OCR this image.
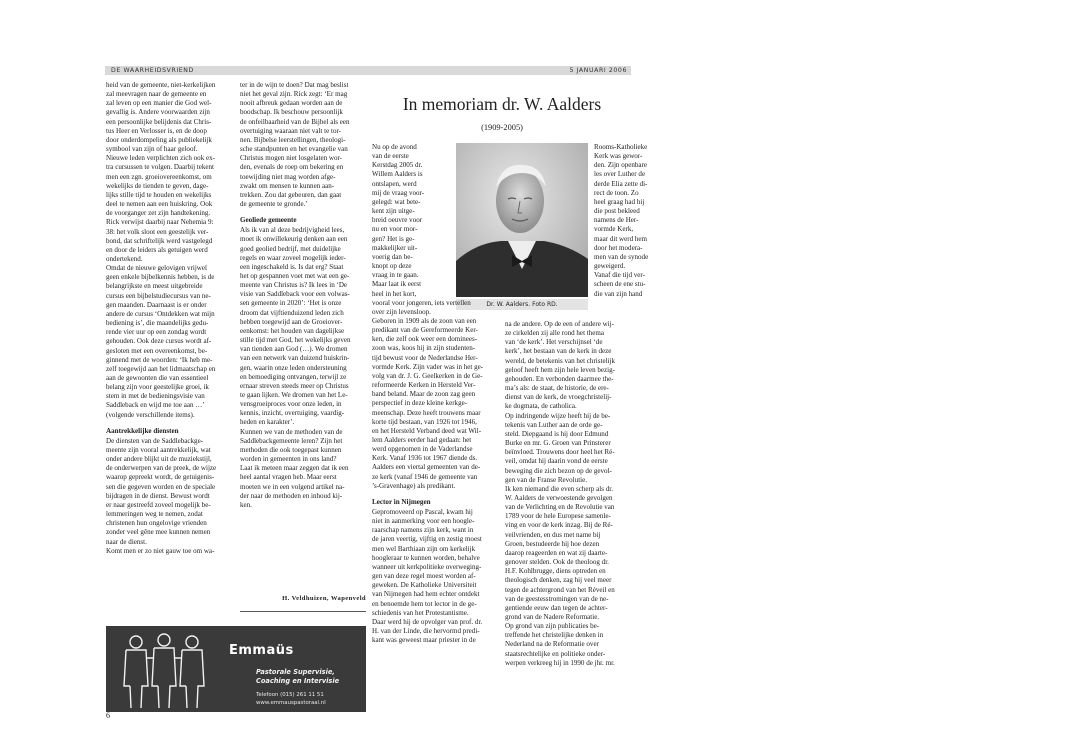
DE WAARHEIDSVRIEND	5 JANUARI 2006

heid van de gemeente, niet-kerkelijken
zal meevragen naar de gemeente en
zal leven op een manier die God wel-
gevallig is. Andere voorwaarden zijn
een persoonlijke belijdenis dat Chris-
tus Heer en Verlosser is, en de doop
door onderdompeling als publiekelijk
symbool van zijn of haar geloof.
Nieuwe leden verplichten zich ook ex-
tra cursussen te volgen. Daarbij tekent
men een zgn. groeiovereenkomst, om
wekelijks de tienden te geven, dage-
lijks stille tijd te houden en wekelijks
deel te nemen aan een huiskring. Ook
de voorganger zet zijn handtekening.
Rick verwijst daarbij naar Nehemia 9:
38: het volk sloot een geestelijk ver-
bond, dat schriftelijk werd vastgelegd
en door de leiders als getuigen werd
ondertekend.
Omdat de nieuwe gelovigen vrijwel
geen enkele bijbelkennis hebben, is de
belangrijkste en meest uitgebreide
cursus een bijbelstudiecursus van ne-
gen maanden. Daarnaast is er onder
andere de cursus ‘Ontdekken wat mijn
bediening is’, die maandelijks gedu-
rende vier uur op een zondag wordt
gehouden. Ook deze cursus wordt af-
gesloten met een overeenkomst, be-
ginnend met de woorden: ‘Ik heb me-
zelf toegewijd aan het lidmaatschap en
aan de gewoonten die van essentieel
belang zijn voor geestelijke groei, ik
stem in met de bedieningsvisie van
Saddleback en wijd me toe aan …’
(volgende verschillende items).

Aantrekkelijke diensten

De diensten van de Saddlebackge-
meente zijn vooral aantrekkelijk, wat
onder andere blijkt uit de muziekstijl,
de onderwerpen van de preek, de wijze
waarop gepreekt wordt, de getuigenis-
sen die gegeven worden en de speciale
bijdragen in de dienst. Bewust wordt
er naar gestreefd zoveel mogelijk be-
lemmeringen weg te nemen, zodat
christenen hun ongelovige vrienden
zonder veel gêne mee kunnen nemen
naar de dienst.
Komt men er zo niet gauw toe om wa-

ter in de wijn te doen? Dat mag beslist
niet het geval zijn. Rick zegt: ‘Er mag
nooit afbreuk gedaan worden aan de
boodschap. Ik beschouw persoonlijk
de onfeilbaarheid van de Bijbel als een
overtuiging waaraan niet valt te tor-
nen. Bijbelse leerstellingen, theologi-
sche standpunten en het evangelie van
Christus mogen niet losgelaten wor-
den, evenals de roep om bekering en
toewijding niet mag worden afge-
zwakt om mensen te kunnen aan-
trekken. Zou dat gebeuren, dan gaat
de gemeente te gronde.’

Geoliede gemeente

Als ik van al deze bedrijvigheid lees,
moet ik onwillekeurig denken aan een
goed geolied bedrijf, met duidelijke
regels en waar zoveel mogelijk ieder-
een ingeschakeld is. Is dat erg? Staat
het op gespannen voet met wat een ge-
meente van Christus is? Ik lees in ‘De
visie van Saddleback voor een volwas-
sen gemeente in 2020’: ‘Het is onze
droom dat vijftienduizend leden zich
hebben toegewijd aan de Groeiover-
eenkomst: het houden van dagelijkse
stille tijd met God, het wekelijks geven
van tienden aan God (…). We dromen
van een netwerk van duizend huiskrin-
gen, waarin onze leden ondersteuning
en bemoediging ontvangen, terwijl ze
ernaar streven steeds meer op Christus
te gaan lijken. We dromen van het Le-
vensgroeiproces voor onze leden, in
kennis, inzicht, overtuiging, vaardig-
heden en karakter’.
Kunnen we van de methoden van de
Saddlebackgemeente leren? Zijn het
methoden die ook toegepast kunnen
worden in gemeenten in ons land?
Laat ik meteen maar zeggen dat ik een
heel aantal vragen heb. Maar eerst
moeten we in een volgend artikel na-
der naar de methoden en inhoud kij-
ken.

H. Veldhuizen, Wapenveld
In memoriam dr. W. Aalders
(1909-2005)
Dr. W. Aalders. Foto RD.

Nu op de avond
van de eerste
Kerstdag 2005 dr.
Willem Aalders is
ontslapen, werd
mij de vraag voor-
gelegd: wat bete-
kent zijn uitge-
breid oeuvre voor
nu en voor mor-
gen? Het is ge-
makkelijker uit-
voerig dan be-
knopt op deze
vraag in te gaan.
Maar laat ik eerst
heel in het kort,

vooral voor jongeren, iets vertellen
over zijn levensloop.
Geboren in 1909 als de zoon van een
predikant van de Gereformeerde Ker-
ken, die zelf ook weer een dominees-
zoon was, koos hij in zijn studenten-
tijd bewust voor de Nederlandse Her-
vormde Kerk. Zijn vader was in het ge-
volg van dr. J. G. Geelkerken in de Ge-
reformeerde Kerken in Hersteld Ver-
band beland. Maar de zoon zag geen
perspectief in deze kleine kerkge-
meenschap. Deze heeft trouwens maar
korte tijd bestaan, van 1926 tot 1946,
en het Hersteld Verband deed wat Wil-
lem Aalders eerder had gedaan: het
werd opgenomen in de Vaderlandse
Kerk. Vanaf 1936 tot 1967 diende ds.
Aalders een viertal gemeenten van de-
ze kerk (vanaf 1946 de gemeente van
’s-Gravenhage) als predikant.

Lector in Nijmegen

Gepromoveerd op Pascal, kwam hij
niet in aanmerking voor een hoogle-
raarschap namens zijn kerk, want in
de jaren veertig, vijftig en zestig moest
men wel Barthiaan zijn om kerkelijk
hoogleraar te kunnen worden, behalve
wanneer uit kerkpolitieke overweging-
gen van deze regel moest worden af-
geweken. De Katholieke Universiteit
van Nijmegen had hem echter ontdekt
en benoemde hem tot lector in de ge-
schiedenis van het Protestantisme.
Daar werd hij de opvolger van prof. dr.
H. van der Linde, die hervormd predi-
kant was geweest maar priester in de

Rooms-Katholieke
Kerk was gewor-
den. Zijn openbare
les over Luther de
derde Elia zette di-
rect de toon. Zo
heel graag had hij
die post bekleed
namens de Her-
vormde Kerk,
maar dit werd hem
door het modera-
men van de synode
geweigerd.
Vanaf die tijd ver-
scheen de ene stu-
die van zijn hand

na de andere. Op de een of andere wij-
ze cirkelden zij alle rond het thema
van ‘de kerk’. Het verschijnsel ‘de
kerk’, het bestaan van de kerk in deze
wereld, de betekenis van het christelijk
geloof heeft hem zijn hele leven bezig-
gehouden. En verbonden daarmee the-
ma’s als: de staat, de historie, de ere-
dienst van de kerk, de vroegchristelij-
ke dogmata, de catholica.
Op indringende wijze heeft hij de be-
tekenis van Luther aan de orde ge-
steld. Diepgaand is hij door Edmund
Burke en mr. G. Groen van Prinsterer
beïnvloed. Trouwens door heel het Ré-
veil, omdat hij daarin vond de eerste
beweging die zich bezon op de gevol-
gen van de Franse Revolutie.
Ik ken niemand die even scherp als dr.
W. Aalders de verwoestende gevolgen
van de Verlichting en de Revolutie van
1789 voor de hele Europese samenle-
ving en voor de kerk inzag. Bij de Ré-
veilvrienden, en dus met name bij
Groen, bestudeerde hij hoe dezen
daarop reageerden en wat zij daarte-
genover stelden. Ook de theoloog dr.
H.F. Kohlbrugge, diens optreden en
theologisch denken, zag hij veel meer
tegen de achtergrond van het Réveil en
van de geestesstromingen van de ne-
gentiende eeuw dan tegen de achter-
grond van de Nadere Reformatie.
Op grond van zijn publicaties be-
treffende het christelijke denken in
Nederland na de Reformatie over
staatsrechtelijke en politieke onder-
werpen verkreeg hij in 1990 de jhr. mr.

Emmaüs
Pastorale Supervisie,
Coaching en Intervisie
Telefoon (015) 261 11 51
www.emmauspastoraal.nl
6
